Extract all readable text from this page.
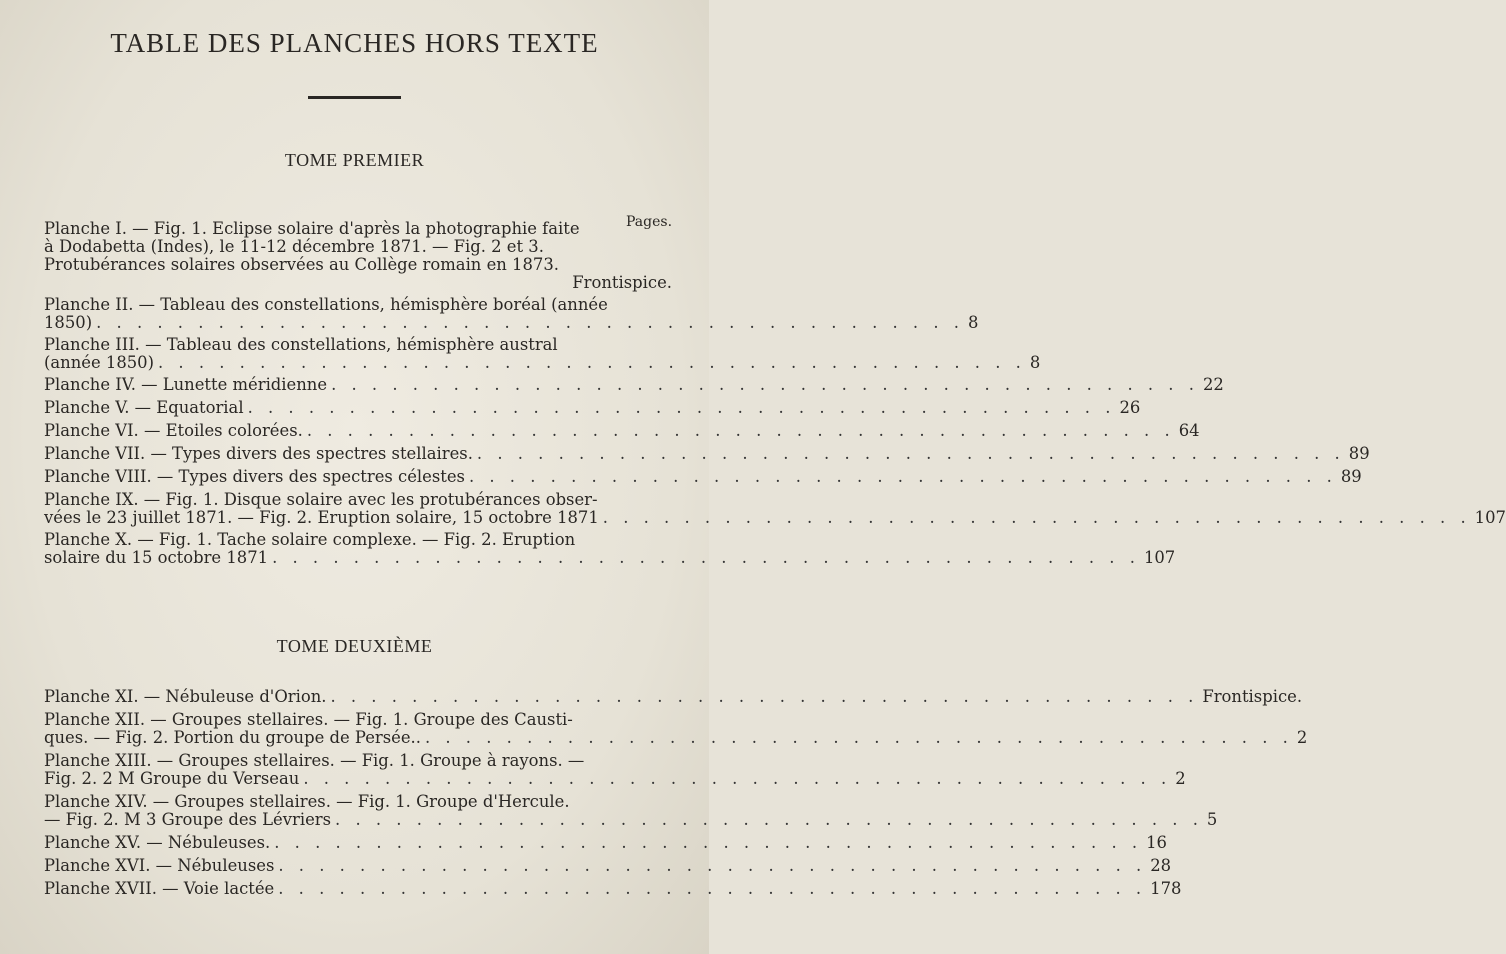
TABLE DES PLANCHES HORS TEXTE
TOME PREMIER
Pages.
Planche I. — Fig. 1. Eclipse solaire d'après la photographie faite
à Dodabetta (Indes), le 11-12 décembre 1871. — Fig. 2 et 3.
Protubérances solaires observées au Collège romain en 1873.
Frontispice.
Planche II. — Tableau des constellations, hémisphère boréal (année
1850) . . . . . . . . . . . . . . . . . . . . . . . . . . . . . . . . . . . . . . . . . . . 8
Planche III. — Tableau des constellations, hémisphère austral
(année 1850) . . . . . . . . . . . . . . . . . . . . . . . . . . . . . . . . . . . . . . . . . . . 8
Planche IV. — Lunette méridienne . . . . . . . . . . . . . . . . . . . . . . . . . . . . . . . . . . . . . . . . . . . 22
Planche V. — Equatorial . . . . . . . . . . . . . . . . . . . . . . . . . . . . . . . . . . . . . . . . . . . 26
Planche VI. — Etoiles colorées. . . . . . . . . . . . . . . . . . . . . . . . . . . . . . . . . . . . . . . . . . . . 64
Planche VII. — Types divers des spectres stellaires. . . . . . . . . . . . . . . . . . . . . . . . . . . . . . . . . . . . . . . . . . . . 89
Planche VIII. — Types divers des spectres célestes . . . . . . . . . . . . . . . . . . . . . . . . . . . . . . . . . . . . . . . . . . . 89
Planche IX. — Fig. 1. Disque solaire avec les protubérances obser-
vées le 23 juillet 1871. — Fig. 2. Eruption solaire, 15 octobre 1871 . . . . . . . . . . . . . . . . . . . . . . . . . . . . . . . . . . . . . . . . . . . 107
Planche X. — Fig. 1. Tache solaire complexe. — Fig. 2. Eruption
solaire du 15 octobre 1871 . . . . . . . . . . . . . . . . . . . . . . . . . . . . . . . . . . . . . . . . . . . 107
TOME DEUXIÈME
Planche XI. — Nébuleuse d'Orion. . . . . . . . . . . . . . . . . . . . . . . . . . . . . . . . . . . . . . . . . . . . Frontispice.
Planche XII. — Groupes stellaires. — Fig. 1. Groupe des Causti-
ques. — Fig. 2. Portion du groupe de Persée.. . . . . . . . . . . . . . . . . . . . . . . . . . . . . . . . . . . . . . . . . . . . 2
Planche XIII. — Groupes stellaires. — Fig. 1. Groupe à rayons. —
Fig. 2. 2 M Groupe du Verseau . . . . . . . . . . . . . . . . . . . . . . . . . . . . . . . . . . . . . . . . . . . 2
Planche XIV. — Groupes stellaires. — Fig. 1. Groupe d'Hercule.
— Fig. 2. M 3 Groupe des Lévriers . . . . . . . . . . . . . . . . . . . . . . . . . . . . . . . . . . . . . . . . . . . 5
Planche XV. — Nébuleuses. . . . . . . . . . . . . . . . . . . . . . . . . . . . . . . . . . . . . . . . . . . . 16
Planche XVI. — Nébuleuses . . . . . . . . . . . . . . . . . . . . . . . . . . . . . . . . . . . . . . . . . . . 28
Planche XVII. — Voie lactée . . . . . . . . . . . . . . . . . . . . . . . . . . . . . . . . . . . . . . . . . . . 178
